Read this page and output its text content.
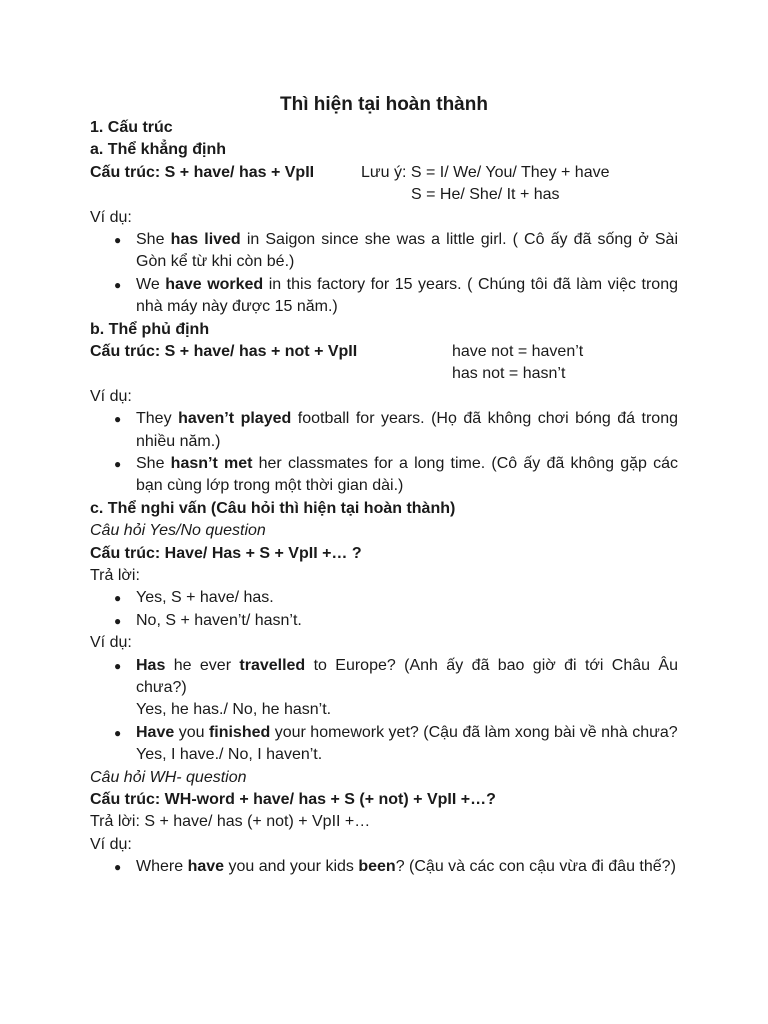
Thì hiện tại hoàn thành
1. Cấu trúc
a. Thể khẳng định
Cấu trúc: S + have/ has + VpII	Lưu ý: S = I/ We/ You/ They + have
S = He/ She/ It + has
Ví dụ:
● She has lived in Saigon since she was a little girl. ( Cô ấy đã sống ở Sài Gòn kể từ khi còn bé.)
● We have worked in this factory for 15 years. ( Chúng tôi đã làm việc trong nhà máy này được 15 năm.)
b. Thể phủ định
Cấu trúc: S + have/ has + not + VpII	have not = haven’t
has not = hasn’t
Ví dụ:
● They haven’t played football for years. (Họ đã không chơi bóng đá trong nhiều năm.)
● She hasn’t met her classmates for a long time. (Cô ấy đã không gặp các bạn cùng lớp trong một thời gian dài.)
c. Thể nghi vấn (Câu hỏi thì hiện tại hoàn thành)
Câu hỏi Yes/No question
Cấu trúc: Have/ Has + S + VpII +… ?
Trả lời:
● Yes, S + have/ has.
● No, S + haven’t/ hasn’t.
Ví dụ:
● Has he ever travelled to Europe? (Anh ấy đã bao giờ đi tới Châu Âu chưa?)
Yes, he has./ No, he hasn’t.
● Have you finished your homework yet? (Cậu đã làm xong bài về nhà chưa?
Yes, I have./ No, I haven’t.
Câu hỏi WH- question
Cấu trúc: WH-word + have/ has + S (+ not) + VpII +…?
Trả lời: S + have/ has (+ not) + VpII +…
Ví dụ:
● Where have you and your kids been? (Cậu và các con cậu vừa đi đâu thế?)
